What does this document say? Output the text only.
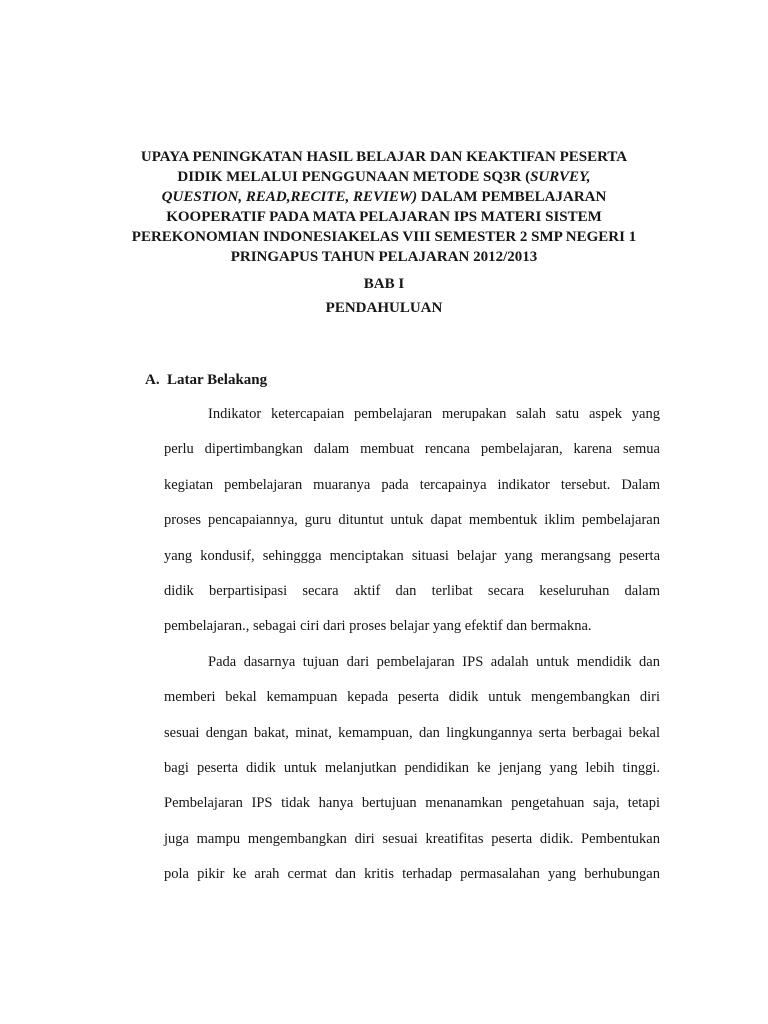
UPAYA PENINGKATAN HASIL BELAJAR DAN KEAKTIFAN PESERTA
DIDIK MELALUI PENGGUNAAN METODE SQ3R (SURVEY,
QUESTION, READ,RECITE, REVIEW) DALAM PEMBELAJARAN
KOOPERATIF PADA MATA PELAJARAN IPS MATERI SISTEM
PEREKONOMIAN INDONESIAKELAS VIII SEMESTER 2 SMP NEGERI 1
PRINGAPUS TAHUN PELAJARAN 2012/2013
BAB I
PENDAHULUAN
A. Latar Belakang
Indikator ketercapaian pembelajaran merupakan salah satu aspek yang
perlu dipertimbangkan dalam membuat rencana pembelajaran, karena semua
kegiatan pembelajaran muaranya pada tercapainya indikator tersebut. Dalam
proses pencapaiannya, guru dituntut untuk dapat membentuk iklim pembelajaran
yang kondusif, sehinggga menciptakan situasi belajar yang merangsang peserta
didik berpartisipasi secara aktif dan terlibat secara keseluruhan dalam
pembelajaran., sebagai ciri dari proses belajar yang efektif dan bermakna.
Pada dasarnya tujuan dari pembelajaran IPS adalah untuk mendidik dan
memberi bekal kemampuan kepada peserta didik untuk mengembangkan diri
sesuai dengan bakat, minat, kemampuan, dan lingkungannya serta berbagai bekal
bagi peserta didik untuk melanjutkan pendidikan ke jenjang yang lebih tinggi.
Pembelajaran IPS tidak hanya bertujuan menanamkan pengetahuan saja, tetapi
juga mampu mengembangkan diri sesuai kreatifitas peserta didik. Pembentukan
pola pikir ke arah cermat dan kritis terhadap permasalahan yang berhubungan
